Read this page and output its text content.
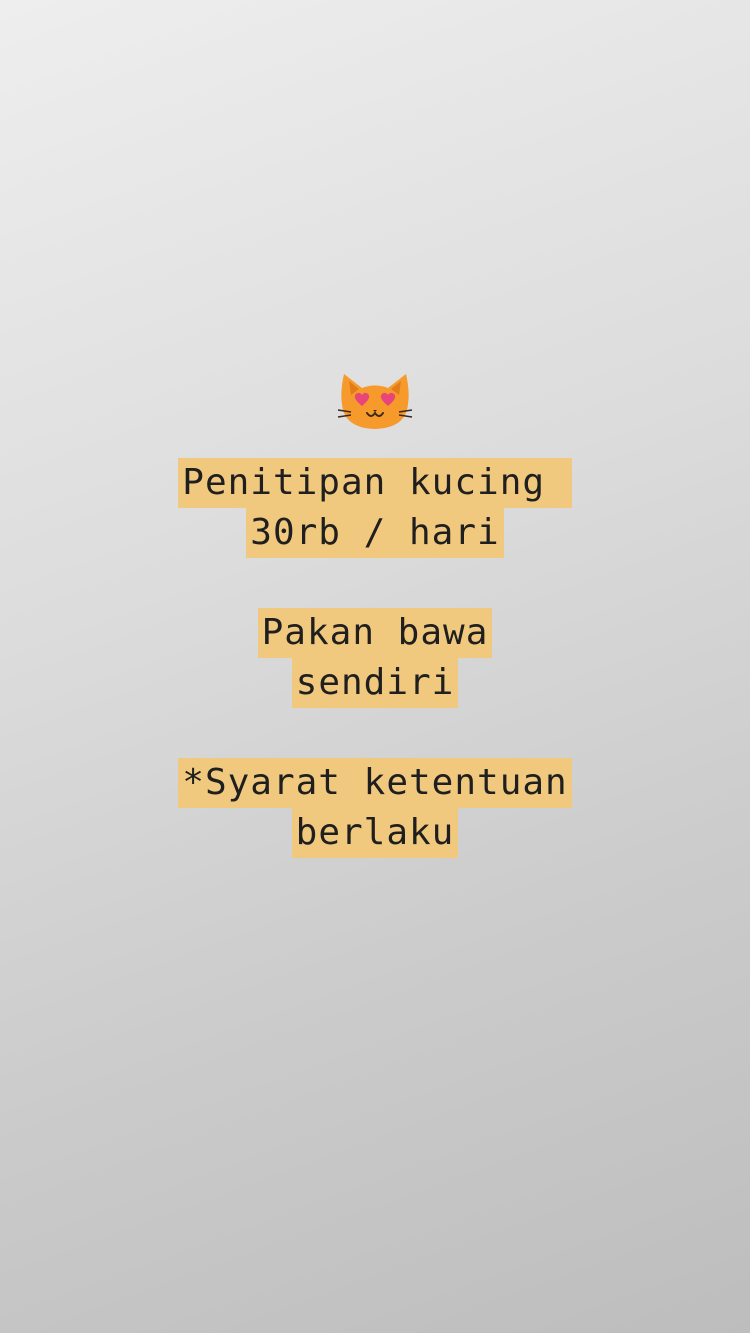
Penitipan kucing
30rb / hari
Pakan bawa
sendiri
*Syarat ketentuan
berlaku
